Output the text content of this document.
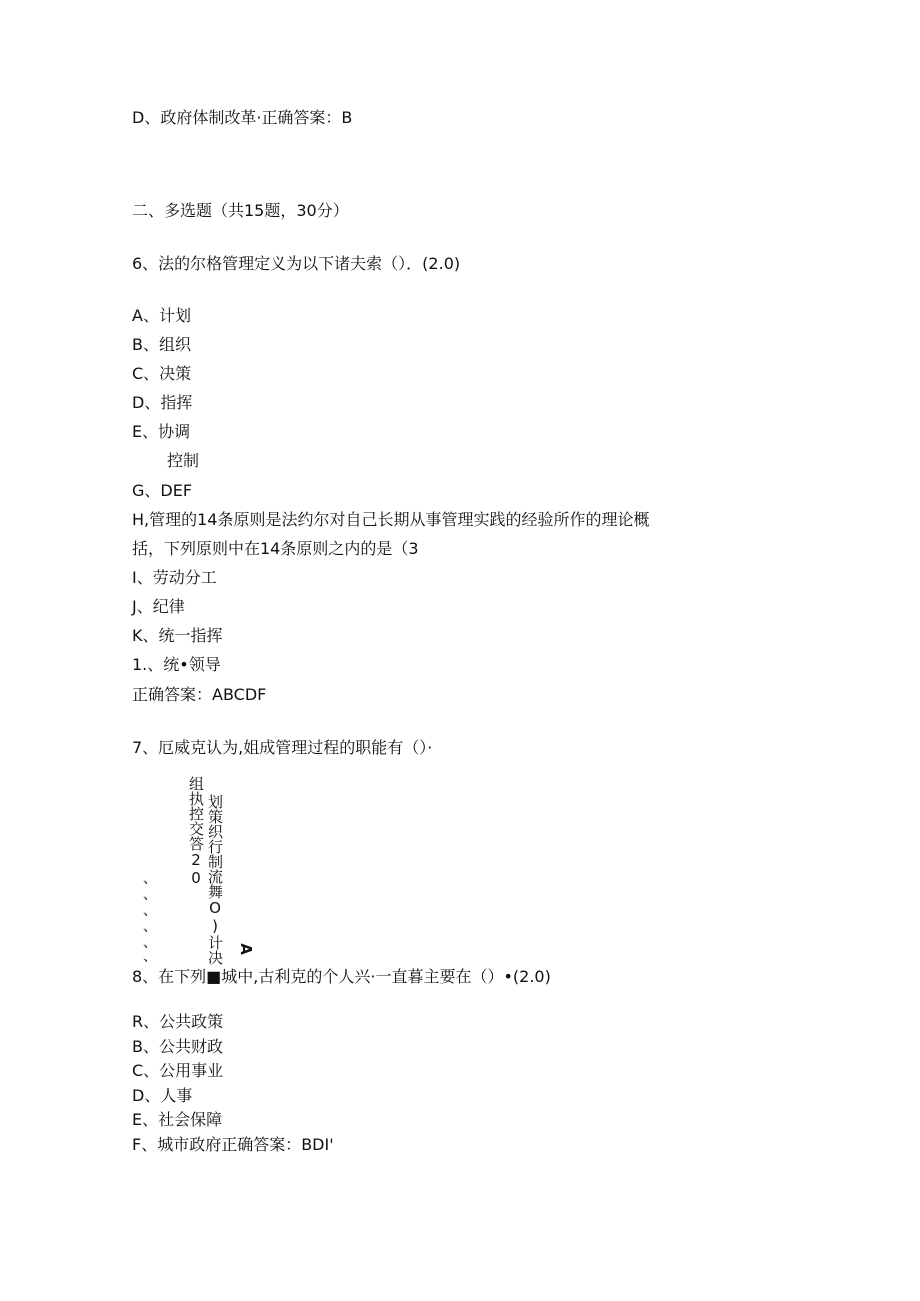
D、政府体制改革·正确答案：B

二、多选题（共15题，30分）

6、法的尔格管理定义为以下诸夫索（）．(2.0)

A、计划

B、组织

C、决策

D、指挥

E、协调

控制

G、DEF

H,管理的14条原则是法约尔对自己长期从事管理实践的经验所作的理论概

括，下列原则中在14条原则之内的是（3

I、劳动分工

J、纪律

K、统一指挥

1.、统•领导

正确答案：ABCDF

7、厄威克认为,姐成管理过程的职能有（）·

组执控交答20 划策织行制流舞O)计决
、
、
、
、
、
、	A

8、在下列■城中,古利克的个人兴·一直暮主要在（）•(2.0)

R、公共政策

B、公共财政

C、公用事业

D、人事

E、社会保障

F、城市政府正确答案：BDI'
